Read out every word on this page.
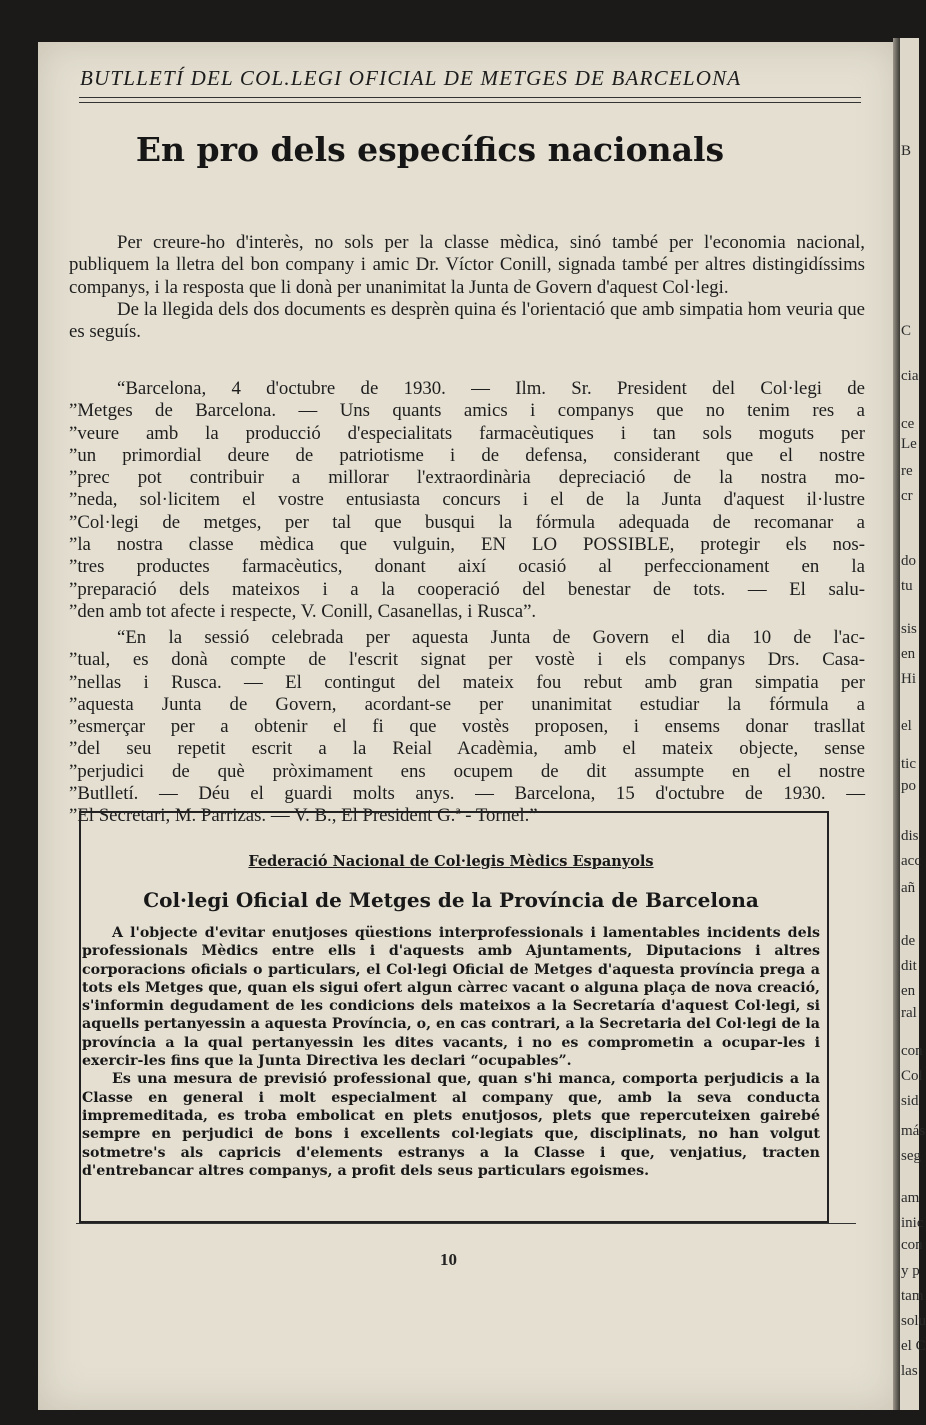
B
C
cia
ce
Le
re
cr
do
tu
sis
en
Hi
el
tic
po
dis
acc
añ
de
dit
en
ral
con
Col
sid
más
seg
am
inic
con
y p
tam
solu
el C
las
BUTLLETÍ DEL COL.LEGI OFICIAL DE METGES DE BARCELONA
En pro dels específics nacionals

Per creure-ho d'interès, no sols per la classe mèdica, sinó també per l'economia nacional, publiquem la lletra del bon company i amic Dr. Víctor Conill, signada també per altres distingidíssims companys, i la resposta que li donà per unanimitat la Junta de Govern d'aquest Col·legi.

De la llegida dels dos documents es desprèn quina és l'orientació que amb simpatia hom veuria que es seguís.

“Barcelona, 4 d'octubre de 1930. — Ilm. Sr. President del Col·legi de

”Metges de Barcelona. — Uns quants amics i companys que no tenim res a

”veure amb la producció d'especialitats farmacèutiques i tan sols moguts per

”un primordial deure de patriotisme i de defensa, considerant que el nostre

”prec pot contribuir a millorar l'extraordinària depreciació de la nostra mo-

”neda, sol·licitem el vostre entusiasta concurs i el de la Junta d'aquest il·lustre

”Col·legi de metges, per tal que busqui la fórmula adequada de recomanar a

”la nostra classe mèdica que vulguin, EN LO POSSIBLE, protegir els nos-

”tres productes farmacèutics, donant així ocasió al perfeccionament en la

”preparació dels mateixos i a la cooperació del benestar de tots. — El salu-

”den amb tot afecte i respecte, V. Conill, Casanellas, i Rusca”.

“En la sessió celebrada per aquesta Junta de Govern el dia 10 de l'ac-

”tual, es donà compte de l'escrit signat per vostè i els companys Drs. Casa-

”nellas i Rusca. — El contingut del mateix fou rebut amb gran simpatia per

”aquesta Junta de Govern, acordant-se per unanimitat estudiar la fórmula a

”esmerçar per a obtenir el fi que vostès proposen, i ensems donar trasllat

”del seu repetit escrit a la Reial Acadèmia, amb el mateix objecte, sense

”perjudici de què pròximament ens ocupem de dit assumpte en el nostre

”Butlletí. — Déu el guardi molts anys. — Barcelona, 15 d'octubre de 1930. —

”El Secretari, M. Parrizas. — V. B., El President G.ª - Tornel.”

Federació Nacional de Col·legis Mèdics Espanyols
Col·legi Oficial de Metges de la Província de Barcelona

A l'objecte d'evitar enutjoses qüestions interprofessionals i lamentables incidents dels professionals Mèdics entre ells i d'aquests amb Ajuntaments, Diputacions i altres corporacions oficials o particulars, el Col·legi Oficial de Metges d'aquesta província prega a tots els Metges que, quan els sigui ofert algun càrrec vacant o alguna plaça de nova creació, s'informin degudament de les condicions dels mateixos a la Secretaría d'aquest Col·legi, si aquells pertanyessin a aquesta Província, o, en cas contrari, a la Secretaria del Col·legi de la província a la qual pertanyessin les dites vacants, i no es comprometin a ocupar-les i exercir-les fins que la Junta Directiva les declari “ocupables”.

Es una mesura de previsió professional que, quan s'hi manca, comporta perjudicis a la Classe en general i molt especialment al company que, amb la seva conducta impremeditada, es troba embolicat en plets enutjosos, plets que repercuteixen gairebé sempre en perjudici de bons i excellents col·legiats que, disciplinats, no han volgut sotmetre's als capricis d'elements estranys a la Classe i que, venjatius, tracten d'entrebancar altres companys, a profit dels seus particulars egoismes.

10
